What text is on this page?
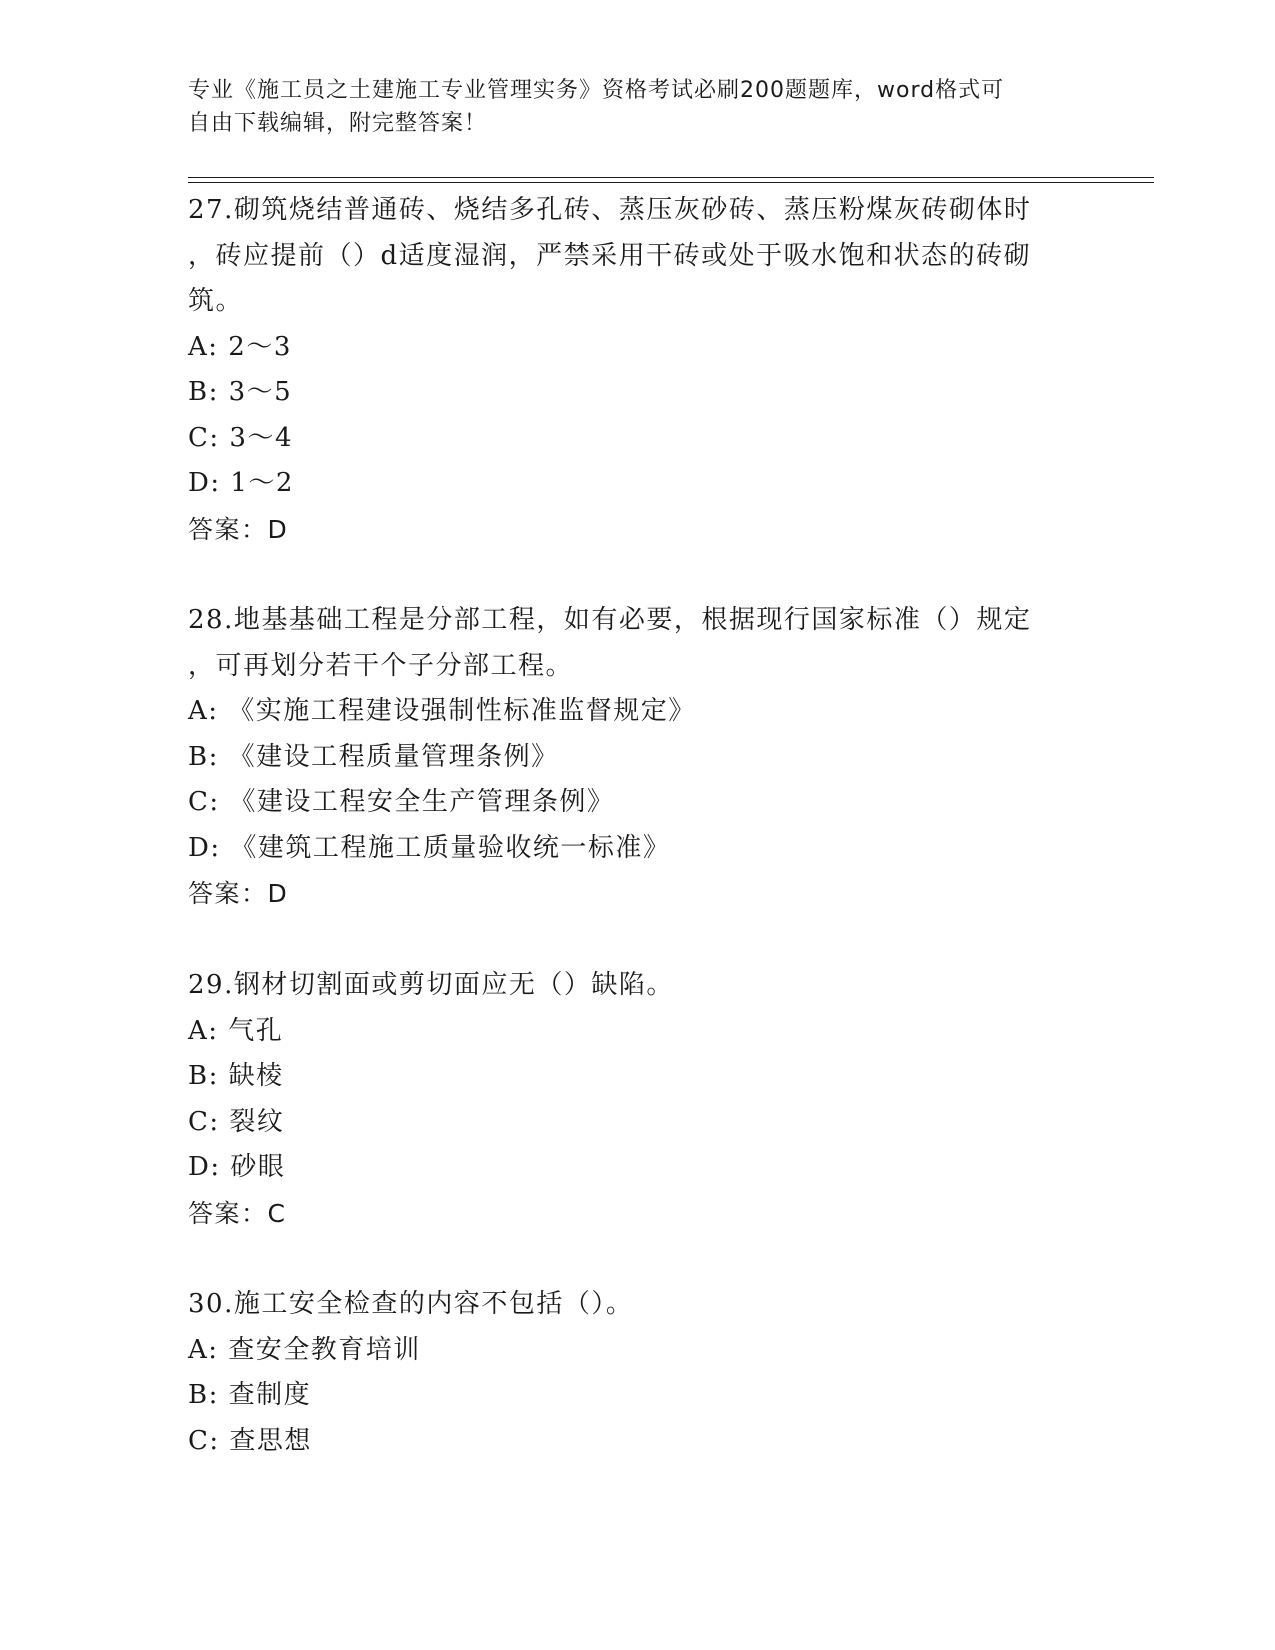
专业《施工员之土建施工专业管理实务》资格考试必刷200题题库，word格式可
自由下载编辑，附完整答案！
27.砌筑烧结普通砖、烧结多孔砖、蒸压灰砂砖、蒸压粉煤灰砖砌体时
，砖应提前（）d适度湿润，严禁采用干砖或处于吸水饱和状态的砖砌
筑。
A: 2～3
B: 3～5
C: 3～4
D: 1～2
答案：D
28.地基基础工程是分部工程，如有必要，根据现行国家标准（）规定
，可再划分若干个子分部工程。
A: 《实施工程建设强制性标准监督规定》
B: 《建设工程质量管理条例》
C: 《建设工程安全生产管理条例》
D: 《建筑工程施工质量验收统一标准》
答案：D
29.钢材切割面或剪切面应无（）缺陷。
A: 气孔
B: 缺棱
C: 裂纹
D: 砂眼
答案：C
30.施工安全检查的内容不包括（）。
A: 查安全教育培训
B: 查制度
C: 查思想
